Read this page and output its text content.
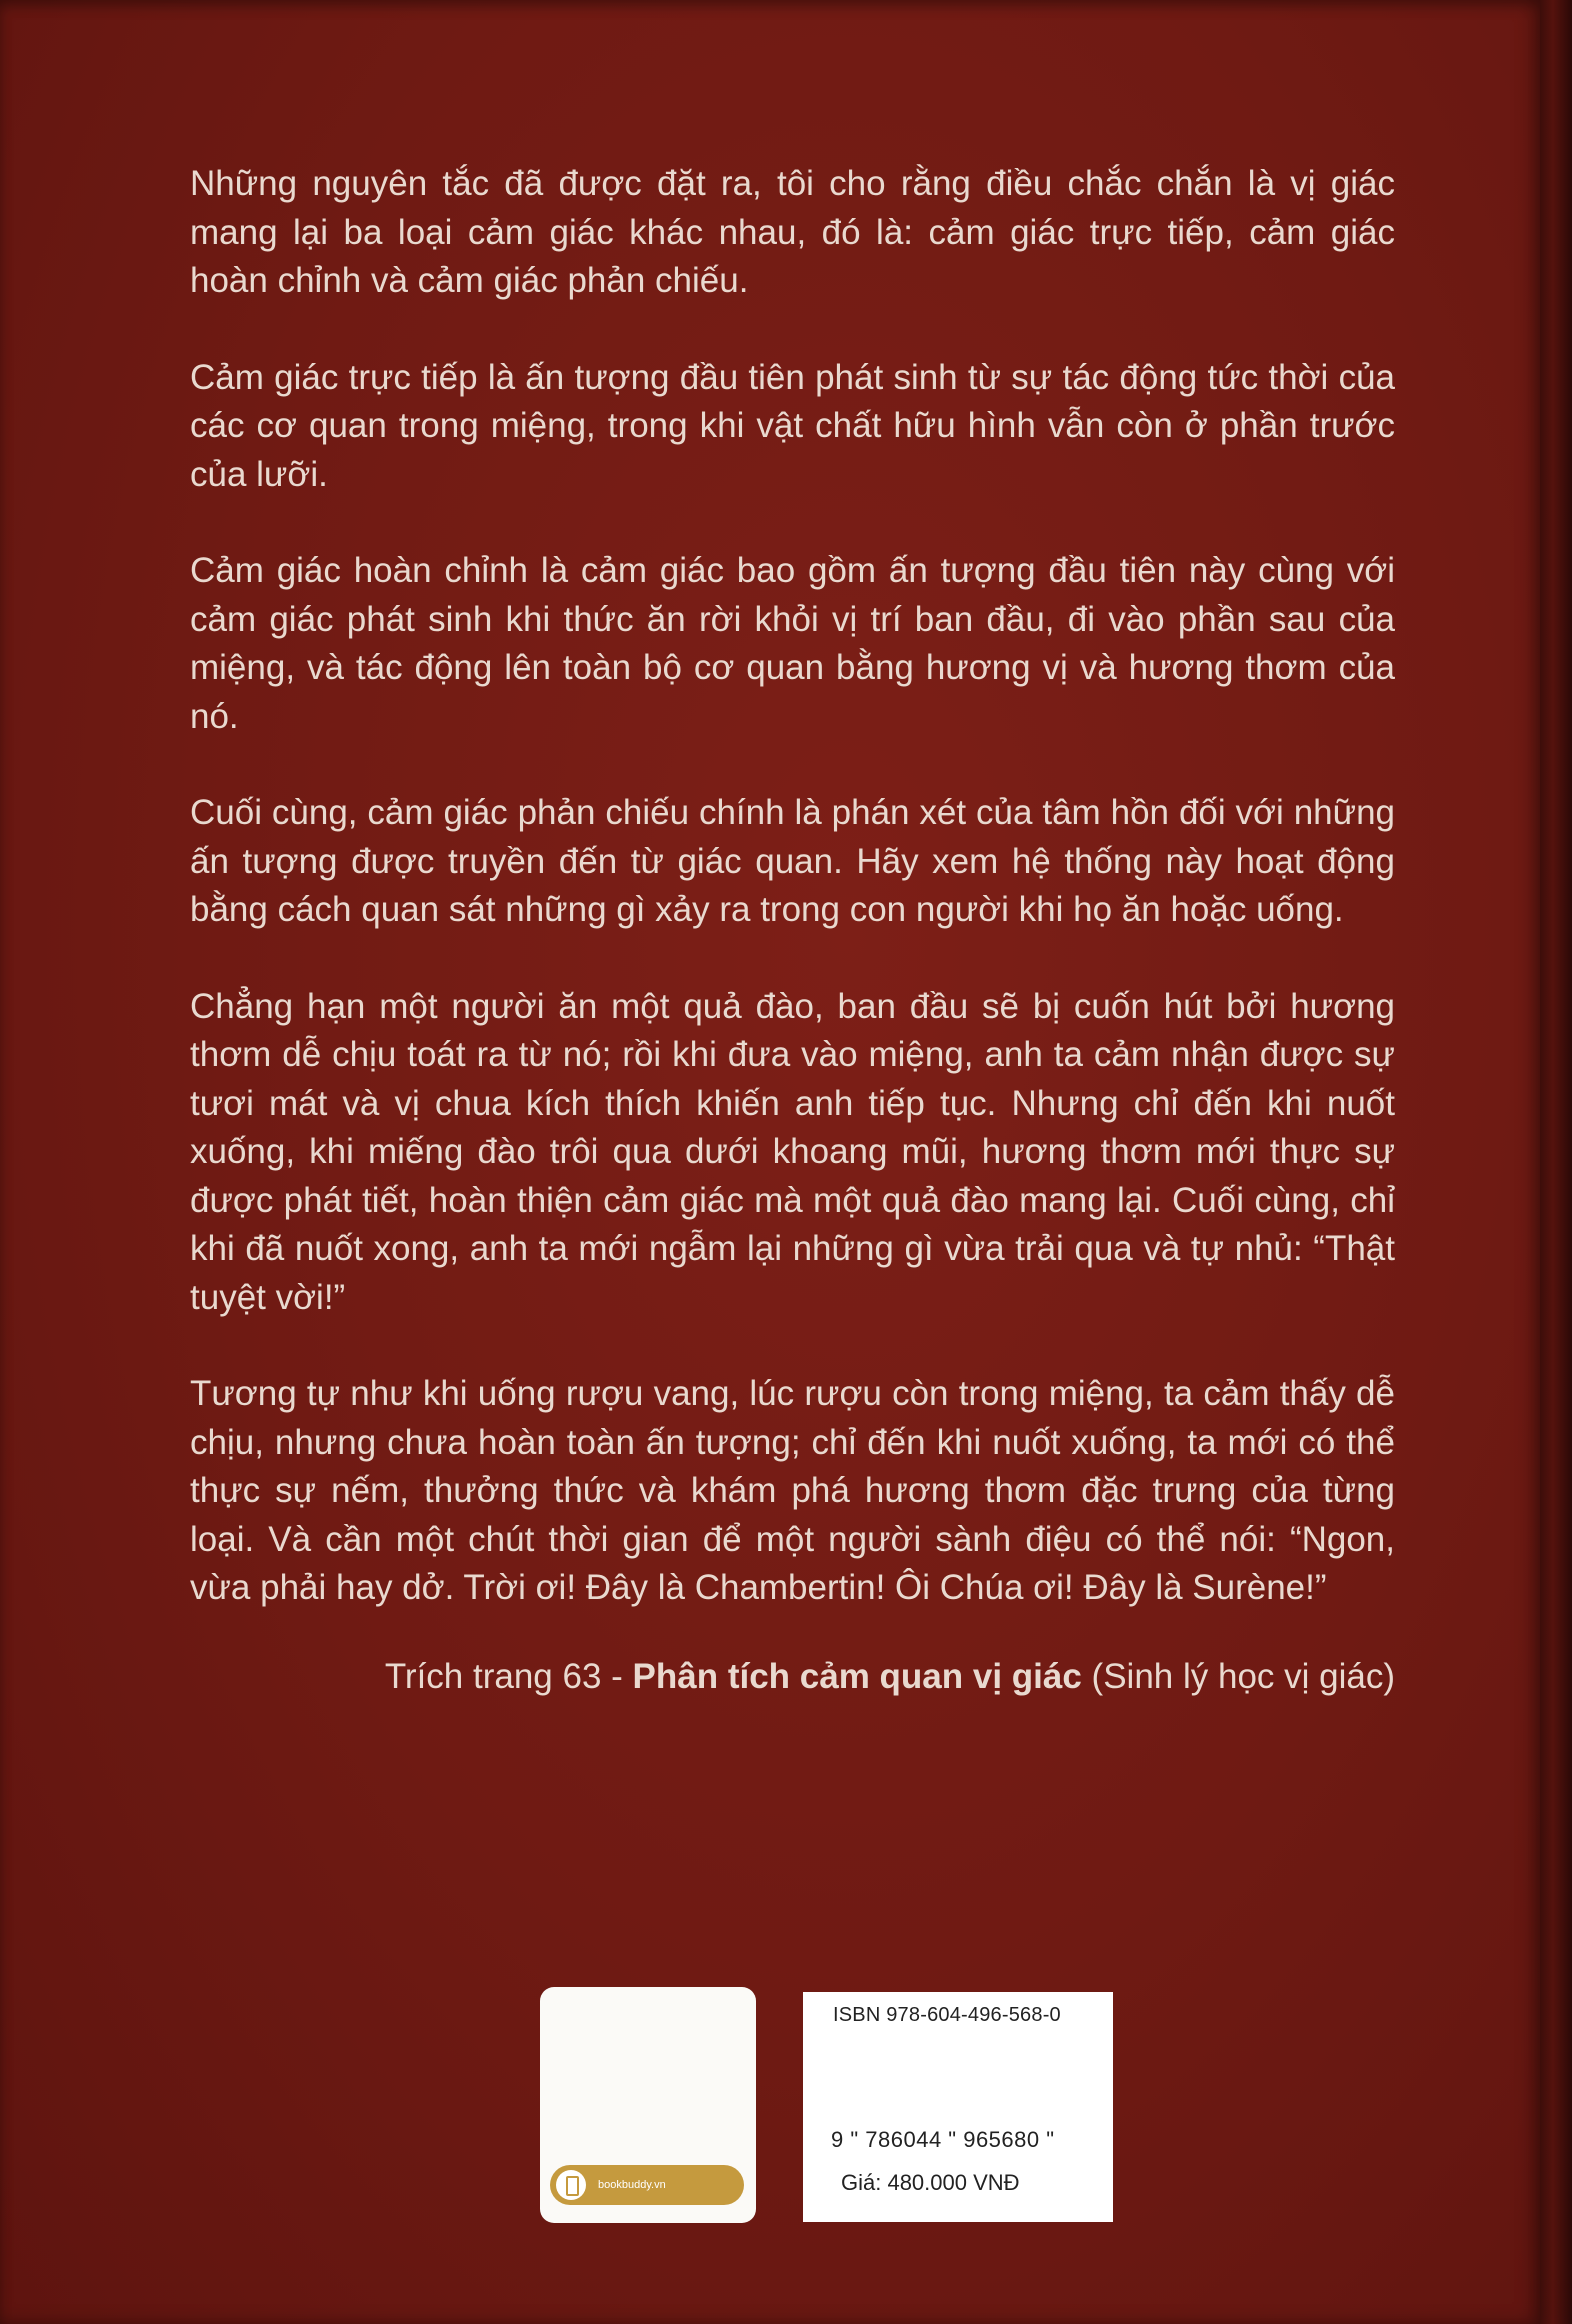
Những nguyên tắc đã được đặt ra, tôi cho rằng điều chắc chắn là vị giác mang lại ba loại cảm giác khác nhau, đó là: cảm giác trực tiếp, cảm giác hoàn chỉnh và cảm giác phản chiếu.

Cảm giác trực tiếp là ấn tượng đầu tiên phát sinh từ sự tác động tức thời của các cơ quan trong miệng, trong khi vật chất hữu hình vẫn còn ở phần trước của lưỡi.

Cảm giác hoàn chỉnh là cảm giác bao gồm ấn tượng đầu tiên này cùng với cảm giác phát sinh khi thức ăn rời khỏi vị trí ban đầu, đi vào phần sau của miệng, và tác động lên toàn bộ cơ quan bằng hương vị và hương thơm của nó.

Cuối cùng, cảm giác phản chiếu chính là phán xét của tâm hồn đối với những ấn tượng được truyền đến từ giác quan. Hãy xem hệ thống này hoạt động bằng cách quan sát những gì xảy ra trong con người khi họ ăn hoặc uống.

Chẳng hạn một người ăn một quả đào, ban đầu sẽ bị cuốn hút bởi hương thơm dễ chịu toát ra từ nó; rồi khi đưa vào miệng, anh ta cảm nhận được sự tươi mát và vị chua kích thích khiến anh tiếp tục. Nhưng chỉ đến khi nuốt xuống, khi miếng đào trôi qua dưới khoang mũi, hương thơm mới thực sự được phát tiết, hoàn thiện cảm giác mà một quả đào mang lại. Cuối cùng, chỉ khi đã nuốt xong, anh ta mới ngẫm lại những gì vừa trải qua và tự nhủ: “Thật tuyệt vời!”

Tương tự như khi uống rượu vang, lúc rượu còn trong miệng, ta cảm thấy dễ chịu, nhưng chưa hoàn toàn ấn tượng; chỉ đến khi nuốt xuống, ta mới có thể thực sự nếm, thưởng thức và khám phá hương thơm đặc trưng của từng loại. Và cần một chút thời gian để một người sành điệu có thể nói: “Ngon, vừa phải hay dở. Trời ơi! Đây là Chambertin! Ôi Chúa ơi! Đây là Surène!”

Trích trang 63 - Phân tích cảm quan vị giác (Sinh lý học vị giác)
bookbuddy.vn
ISBN 978-604-496-568-0
9 " 786044 " 965680 "
Giá: 480.000 VNĐ
